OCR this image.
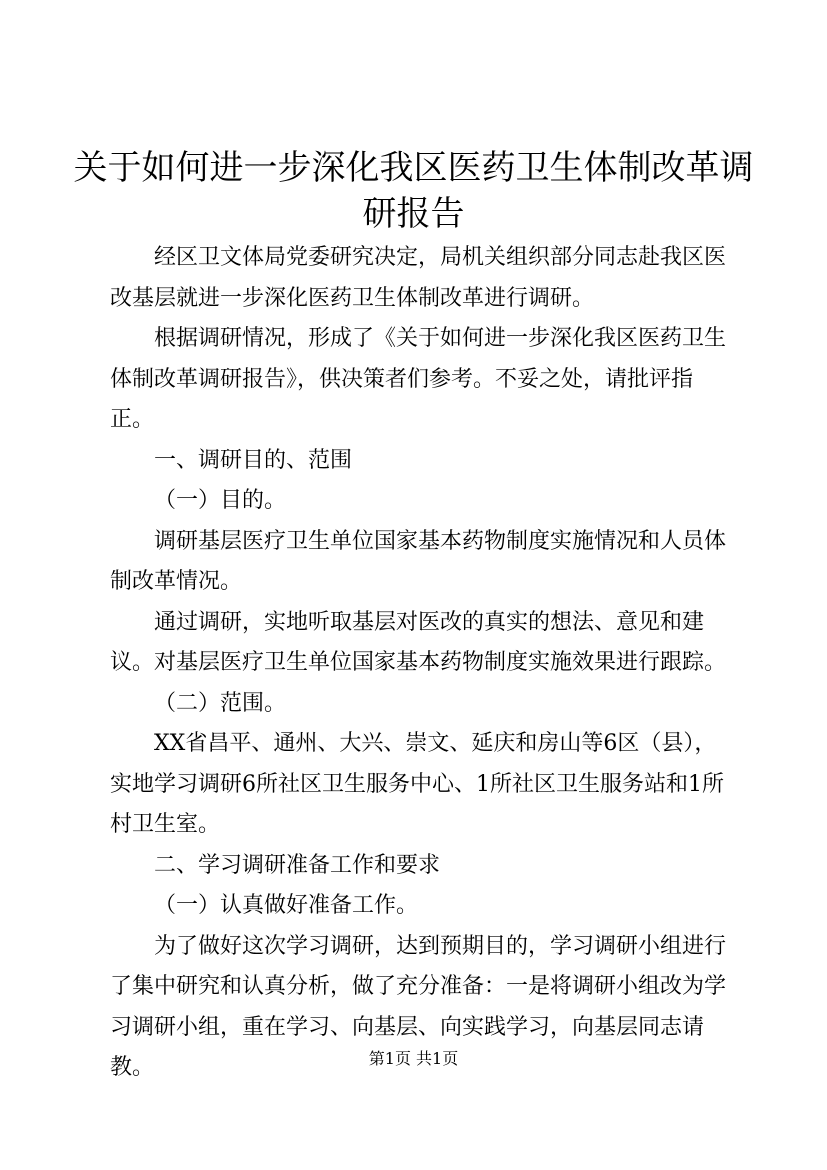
关于如何进一步深化我区医药卫生体制改革调
研报告

经区卫文体局党委研究决定，局机关组织部分同志赴我区医改基层就进一步深化医药卫生体制改革进行调研。

根据调研情况，形成了《关于如何进一步深化我区医药卫生体制改革调研报告》，供决策者们参考。不妥之处，请批评指正。

一、调研目的、范围

（一）目的。

调研基层医疗卫生单位国家基本药物制度实施情况和人员体制改革情况。

通过调研，实地听取基层对医改的真实的想法、意见和建议。对基层医疗卫生单位国家基本药物制度实施效果进行跟踪。

（二）范围。

XX省昌平、通州、大兴、崇文、延庆和房山等6区（县），实地学习调研6所社区卫生服务中心、1所社区卫生服务站和1所村卫生室。

二、学习调研准备工作和要求

（一）认真做好准备工作。

为了做好这次学习调研，达到预期目的，学习调研小组进行了集中研究和认真分析，做了充分准备：一是将调研小组改为学习调研小组，重在学习、向基层、向实践学习，向基层同志请教。	第1页 共1页
